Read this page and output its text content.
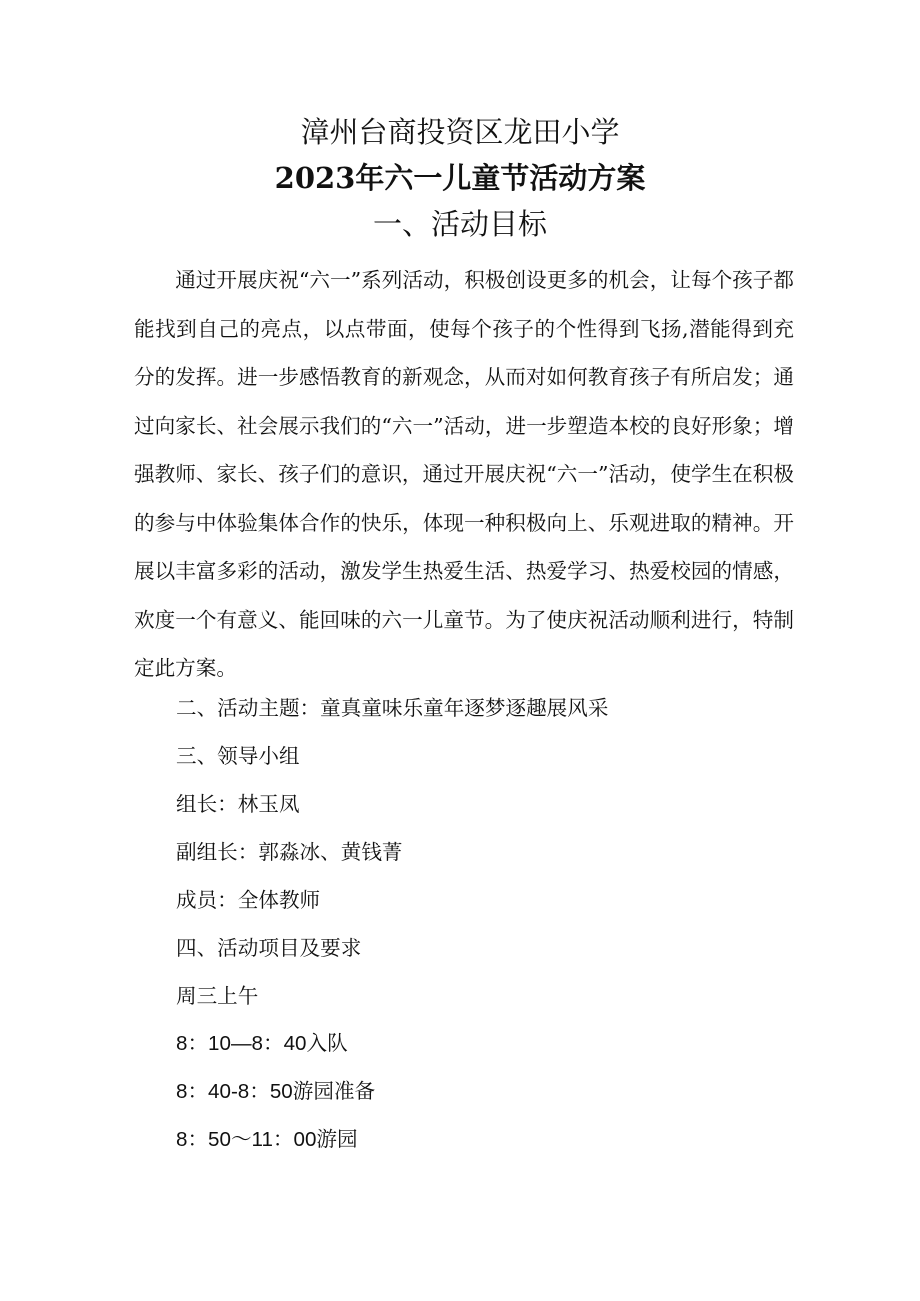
漳州台商投资区龙田小学
2023年六一儿童节活动方案
一、活动目标

通过开展庆祝“六一”系列活动，积极创设更多的机会，让每个孩子都能找到自己的亮点，以点带面，使每个孩子的个性得到飞扬,潜能得到充分的发挥。进一步感悟教育的新观念，从而对如何教育孩子有所启发；通过向家长、社会展示我们的“六一”活动，进一步塑造本校的良好形象；增强教师、家长、孩子们的意识，通过开展庆祝“六一”活动，使学生在积极的参与中体验集体合作的快乐，体现一种积极向上、乐观进取的精神。开展以丰富多彩的活动，激发学生热爱生活、热爱学习、热爱校园的情感，欢度一个有意义、能回味的六一儿童节。为了使庆祝活动顺利进行，特制定此方案。

二、活动主题：童真童味乐童年逐梦逐趣展风采

三、领导小组

组长：林玉凤

副组长：郭淼冰、黄钱菁

成员：全体教师

四、活动项目及要求

周三上午

8：10—8：40入队

8：40-8：50游园准备

8：50～11：00游园
